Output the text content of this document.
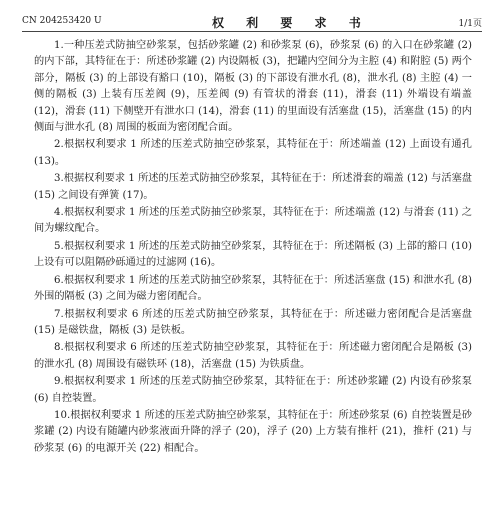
CN 204253420 U	权 利 要 求 书	1/1页

1.一种压差式防抽空砂浆泵，包括砂浆罐 (2) 和砂浆泵 (6)，砂浆泵 (6) 的入口在砂浆罐 (2) 的内下部，其特征在于：所述砂浆罐 (2) 内设隔板 (3)，把罐内空间分为主腔 (4) 和附腔 (5) 两个部分，隔板 (3) 的上部设有豁口 (10)，隔板 (3) 的下部设有泄水孔 (8)，泄水孔 (8) 主腔 (4) 一侧的隔板 (3) 上装有压差阀 (9)，压差阀 (9) 有管状的滑套 (11)，滑套 (11) 外端设有端盖 (12)，滑套 (11) 下侧壁开有泄水口 (14)，滑套 (11) 的里面设有活塞盘 (15)，活塞盘 (15) 的内侧面与泄水孔 (8) 周围的板面为密闭配合面。

2.根据权利要求 1 所述的压差式防抽空砂浆泵，其特征在于：所述端盖 (12) 上面设有通孔 (13)。

3.根据权利要求 1 所述的压差式防抽空砂浆泵，其特征在于：所述滑套的端盖 (12) 与活塞盘 (15) 之间设有弹簧 (17)。

4.根据权利要求 1 所述的压差式防抽空砂浆泵，其特征在于：所述端盖 (12) 与滑套 (11) 之间为螺纹配合。

5.根据权利要求 1 所述的压差式防抽空砂浆泵，其特征在于：所述隔板 (3) 上部的豁口 (10) 上设有可以阻隔砂砾通过的过滤网 (16)。

6.根据权利要求 1 所述的压差式防抽空砂浆泵，其特征在于：所述活塞盘 (15) 和泄水孔 (8) 外围的隔板 (3) 之间为磁力密闭配合。

7.根据权利要求 6 所述的压差式防抽空砂浆泵，其特征在于：所述磁力密闭配合是活塞盘 (15) 是磁铁盘，隔板 (3) 是铁板。

8.根据权利要求 6 所述的压差式防抽空砂浆泵，其特征在于：所述磁力密闭配合是隔板 (3) 的泄水孔 (8) 周围设有磁铁环 (18)，活塞盘 (15) 为铁质盘。

9.根据权利要求 1 所述的压差式防抽空砂浆泵，其特征在于：所述砂浆罐 (2) 内设有砂浆泵 (6) 自控装置。

10.根据权利要求 1 所述的压差式防抽空砂浆泵，其特征在于：所述砂浆泵 (6) 自控装置是砂浆罐 (2) 内设有随罐内砂浆液面升降的浮子 (20)，浮子 (20) 上方装有推杆 (21)，推杆 (21) 与砂浆泵 (6) 的电源开关 (22) 相配合。
